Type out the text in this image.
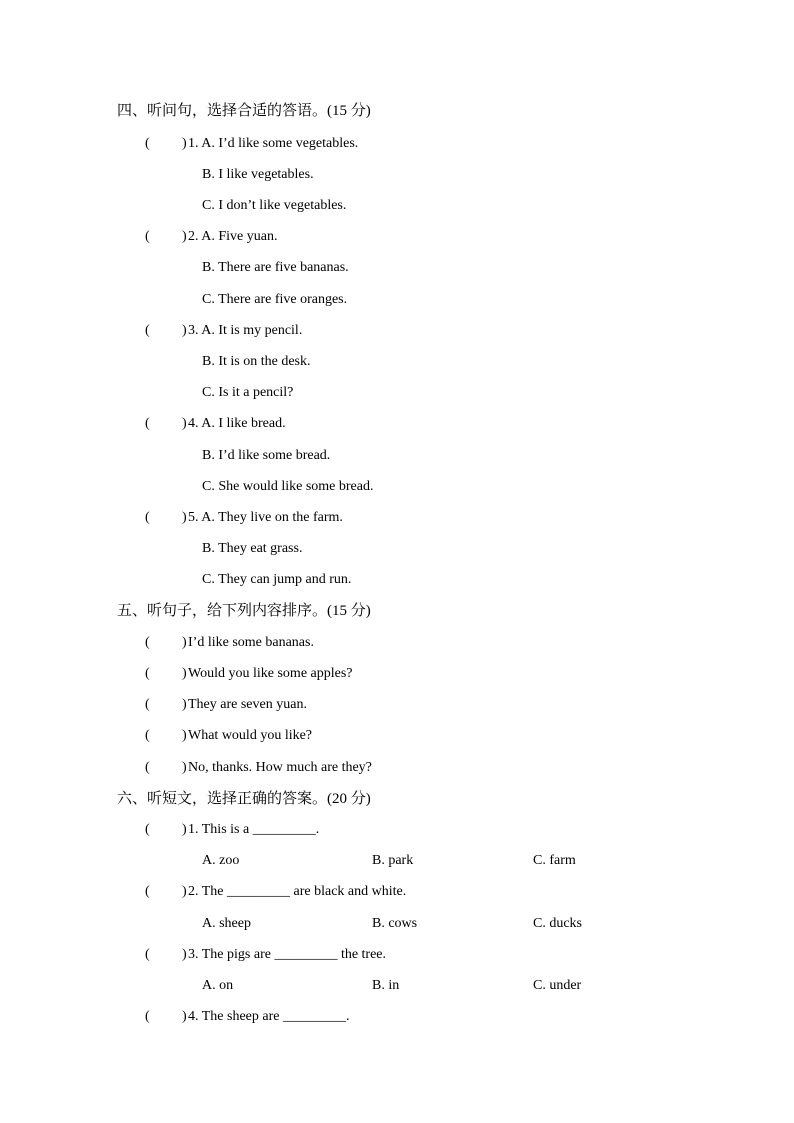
四、听问句，选择合适的答语。(15 分)
( ) 1. A. I’d like some vegetables.
B. I like vegetables.
C. I don’t like vegetables.
( ) 2. A. Five yuan.
B. There are five bananas.
C. There are five oranges.
( ) 3. A. It is my pencil.
B. It is on the desk.
C. Is it a pencil?
( ) 4. A. I like bread.
B. I’d like some bread.
C. She would like some bread.
( ) 5. A. They live on the farm.
B. They eat grass.
C. They can jump and run.
五、听句子，给下列内容排序。(15 分)
( ) I’d like some bananas.
( ) Would you like some apples?
( ) They are seven yuan.
( ) What would you like?
( ) No, thanks. How much are they?
六、听短文，选择正确的答案。(20 分)
( ) 1. This is a _________.
A. zoo	B. park	C. farm
( ) 2. The _________ are black and white.
A. sheep	B. cows	C. ducks
( ) 3. The pigs are _________ the tree.
A. on	B. in	C. under
( ) 4. The sheep are _________.
